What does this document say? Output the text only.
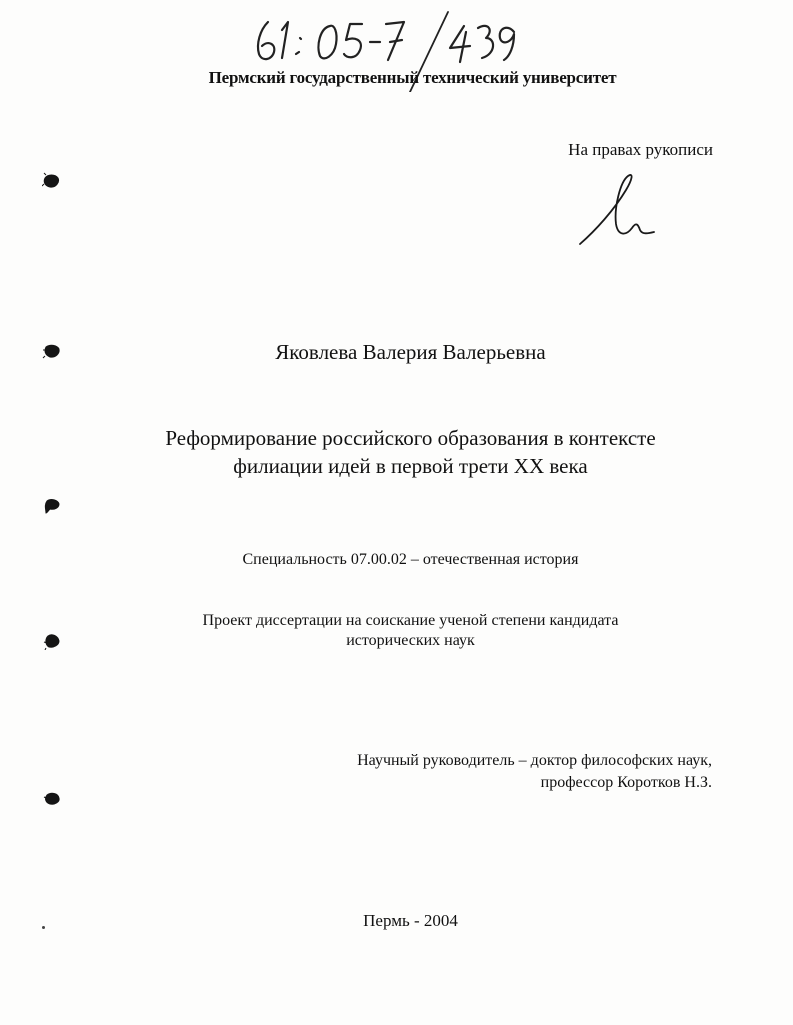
Пермский государственный технический университет
На правах рукописи
Яковлева Валерия Валерьевна
Реформирование российского образования в контексте
филиации идей в первой трети XX века
Специальность 07.00.02 – отечественная история
Проект диссертации на соискание ученой степени кандидата
исторических наук
Научный руководитель – доктор философских наук,
профессор Коротков Н.З.
Пермь - 2004
